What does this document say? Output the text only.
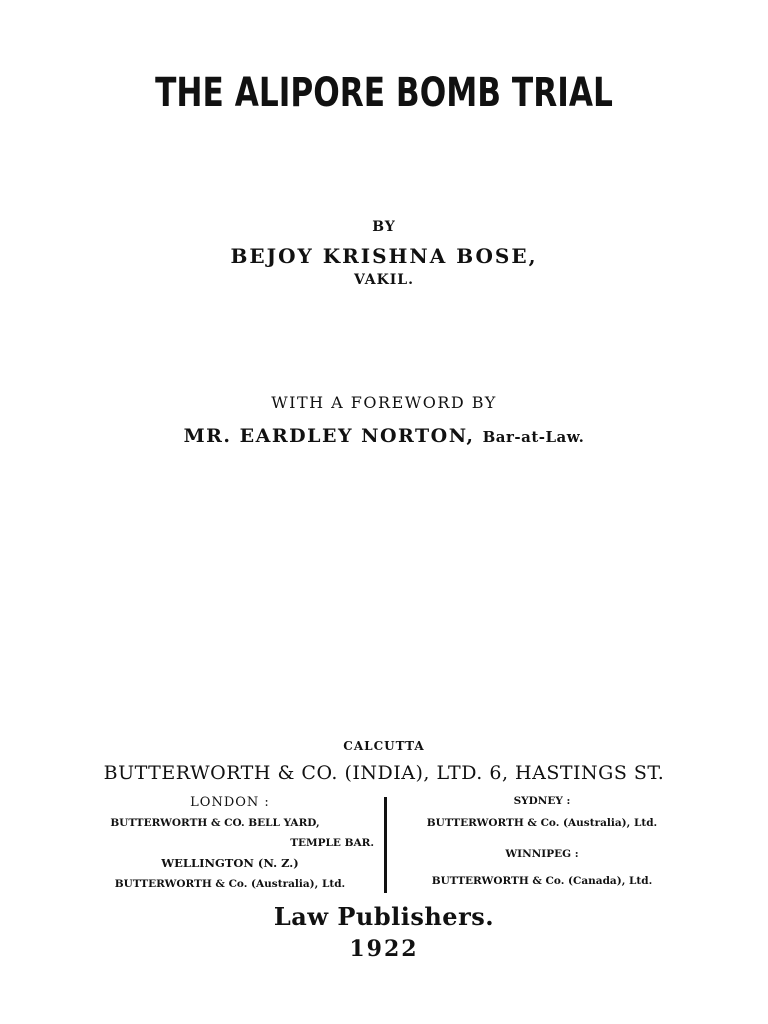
THE ALIPORE BOMB TRIAL
BY
BEJOY KRISHNA BOSE,
VAKIL.
WITH A FOREWORD BY
MR. EARDLEY NORTON, Bar-at-Law.
CALCUTTA
BUTTERWORTH & CO. (INDIA), LTD. 6, HASTINGS ST.
LONDON :
BUTTERWORTH & CO. BELL YARD,
TEMPLE BAR.
WELLINGTON (N. Z.)
BUTTERWORTH & Co. (Australia), Ltd.
SYDNEY :
BUTTERWORTH & Co. (Australia), Ltd.
WINNIPEG :
BUTTERWORTH & Co. (Canada), Ltd.
Law Publishers.
1922
